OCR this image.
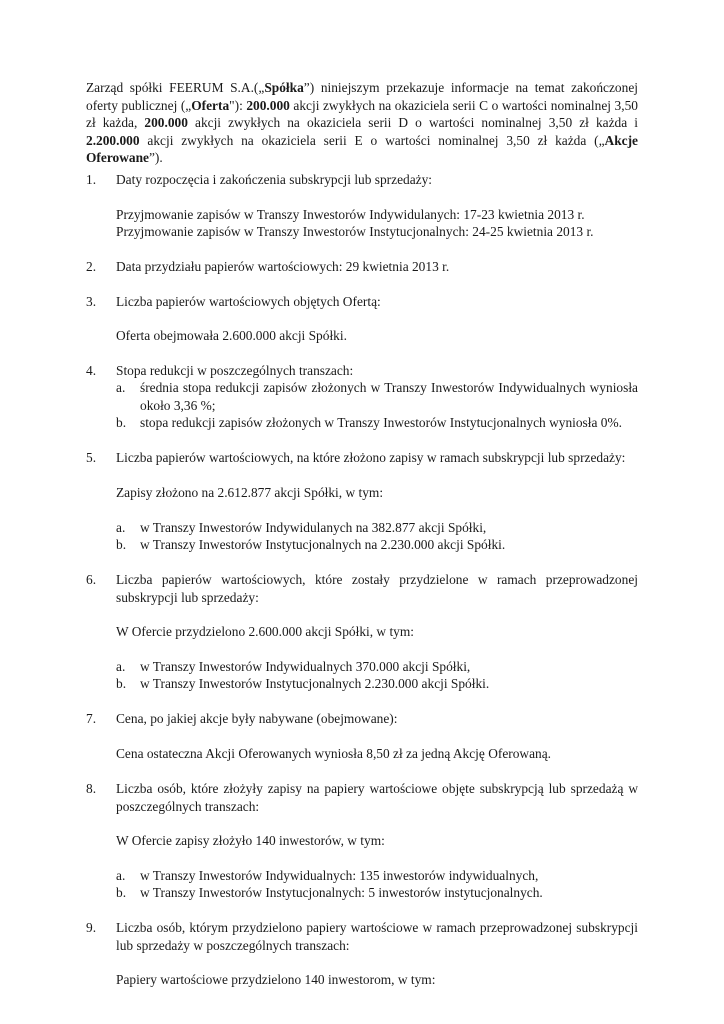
Zarząd spółki FEERUM S.A.(„Spółka”) niniejszym przekazuje informacje na temat zakończonej oferty publicznej („Oferta"): 200.000 akcji zwykłych na okaziciela serii C o wartości nominalnej 3,50 zł każda, 200.000 akcji zwykłych na okaziciela serii D o wartości nominalnej 3,50 zł każda i 2.200.000 akcji zwykłych na okaziciela serii E o wartości nominalnej 3,50 zł każda („Akcje Oferowane”).

1.	Daty rozpoczęcia i zakończenia subskrypcji lub sprzedaży:
Przyjmowanie zapisów w Transzy Inwestorów Indywidulanych: 17-23 kwietnia 2013 r.
Przyjmowanie zapisów w Transzy Inwestorów Instytucjonalnych: 24-25 kwietnia 2013 r.
2.	Data przydziału papierów wartościowych: 29 kwietnia 2013 r.
3.	Liczba papierów wartościowych objętych Ofertą:
Oferta obejmowała 2.600.000 akcji Spółki.
4.	Stopa redukcji w poszczególnych transzach:
a. średnia stopa redukcji zapisów złożonych w Transzy Inwestorów Indywidualnych wyniosła około 3,36 %;
b. stopa redukcji zapisów złożonych w Transzy Inwestorów Instytucjonalnych wyniosła 0%.
5.	Liczba papierów wartościowych, na które złożono zapisy w ramach subskrypcji lub sprzedaży:
Zapisy złożono na 2.612.877 akcji Spółki, w tym:
a. w Transzy Inwestorów Indywidulanych na 382.877 akcji Spółki,
b. w Transzy Inwestorów Instytucjonalnych na 2.230.000 akcji Spółki.
6.	Liczba papierów wartościowych, które zostały przydzielone w ramach przeprowadzonej subskrypcji lub sprzedaży:
W Ofercie przydzielono 2.600.000 akcji Spółki, w tym:
a. w Transzy Inwestorów Indywidualnych 370.000 akcji Spółki,
b. w Transzy Inwestorów Instytucjonalnych 2.230.000 akcji Spółki.
7.	Cena, po jakiej akcje były nabywane (obejmowane):
Cena ostateczna Akcji Oferowanych wyniosła 8,50 zł za jedną Akcję Oferowaną.
8.	Liczba osób, które złożyły zapisy na papiery wartościowe objęte subskrypcją lub sprzedażą w poszczególnych transzach:
W Ofercie zapisy złożyło 140 inwestorów, w tym:
a. w Transzy Inwestorów Indywidualnych: 135 inwestorów indywidualnych,
b. w Transzy Inwestorów Instytucjonalnych: 5 inwestorów instytucjonalnych.
9.	Liczba osób, którym przydzielono papiery wartościowe w ramach przeprowadzonej subskrypcji lub sprzedaży w poszczególnych transzach:
Papiery wartościowe przydzielono 140 inwestorom, w tym:
